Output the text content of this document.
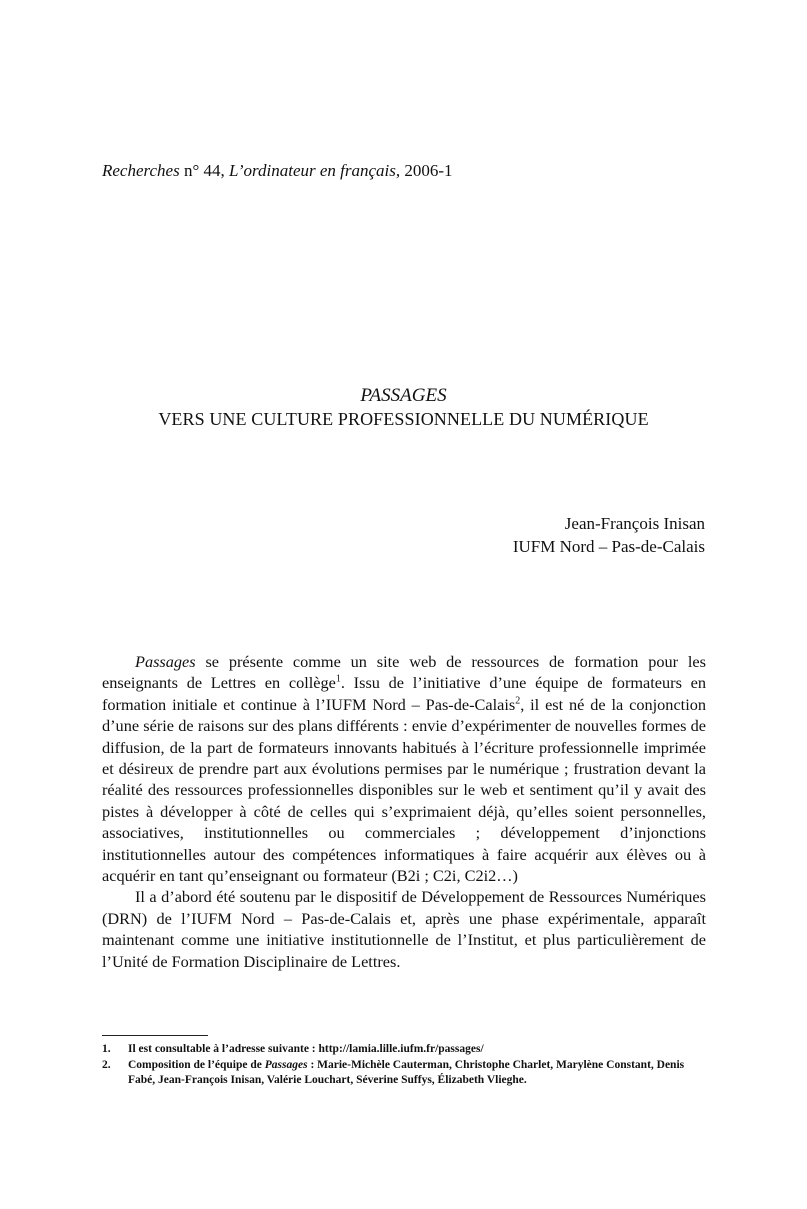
Recherches n° 44, L’ordinateur en français, 2006-1
PASSAGES
VERS UNE CULTURE PROFESSIONNELLE DU NUMÉRIQUE
Jean-François Inisan
IUFM Nord – Pas-de-Calais

Passages se présente comme un site web de ressources de formation pour les enseignants de Lettres en collège$^1$. Issu de l’initiative d’une équipe de formateurs en formation initiale et continue à l’IUFM Nord – Pas-de-Calais$^2$, il est né de la conjonction d’une série de raisons sur des plans différents : envie d’expérimenter de nouvelles formes de diffusion, de la part de formateurs innovants habitués à l’écriture professionnelle imprimée et désireux de prendre part aux évolutions permises par le numérique ; frustration devant la réalité des ressources professionnelles disponibles sur le web et sentiment qu’il y avait des pistes à développer à côté de celles qui s’exprimaient déjà, qu’elles soient personnelles, associatives, institutionnelles ou commerciales ; développement d’injonctions institutionnelles autour des compétences informatiques à faire acquérir aux élèves ou à acquérir en tant qu’enseignant ou formateur (B2i ; C2i, C2i2…)

Il a d’abord été soutenu par le dispositif de Développement de Ressources Numériques (DRN) de l’IUFM Nord – Pas-de-Calais et, après une phase expérimentale, apparaît maintenant comme une initiative institutionnelle de l’Institut, et plus particulièrement de l’Unité de Formation Disciplinaire de Lettres.

1. Il est consultable à l’adresse suivante : http://lamia.lille.iufm.fr/passages/
2. Composition de l’équipe de Passages : Marie-Michèle Cauterman, Christophe Charlet, Marylène Constant, Denis Fabé, Jean-François Inisan, Valérie Louchart, Séverine Suffys, Élizabeth Vlieghe.
